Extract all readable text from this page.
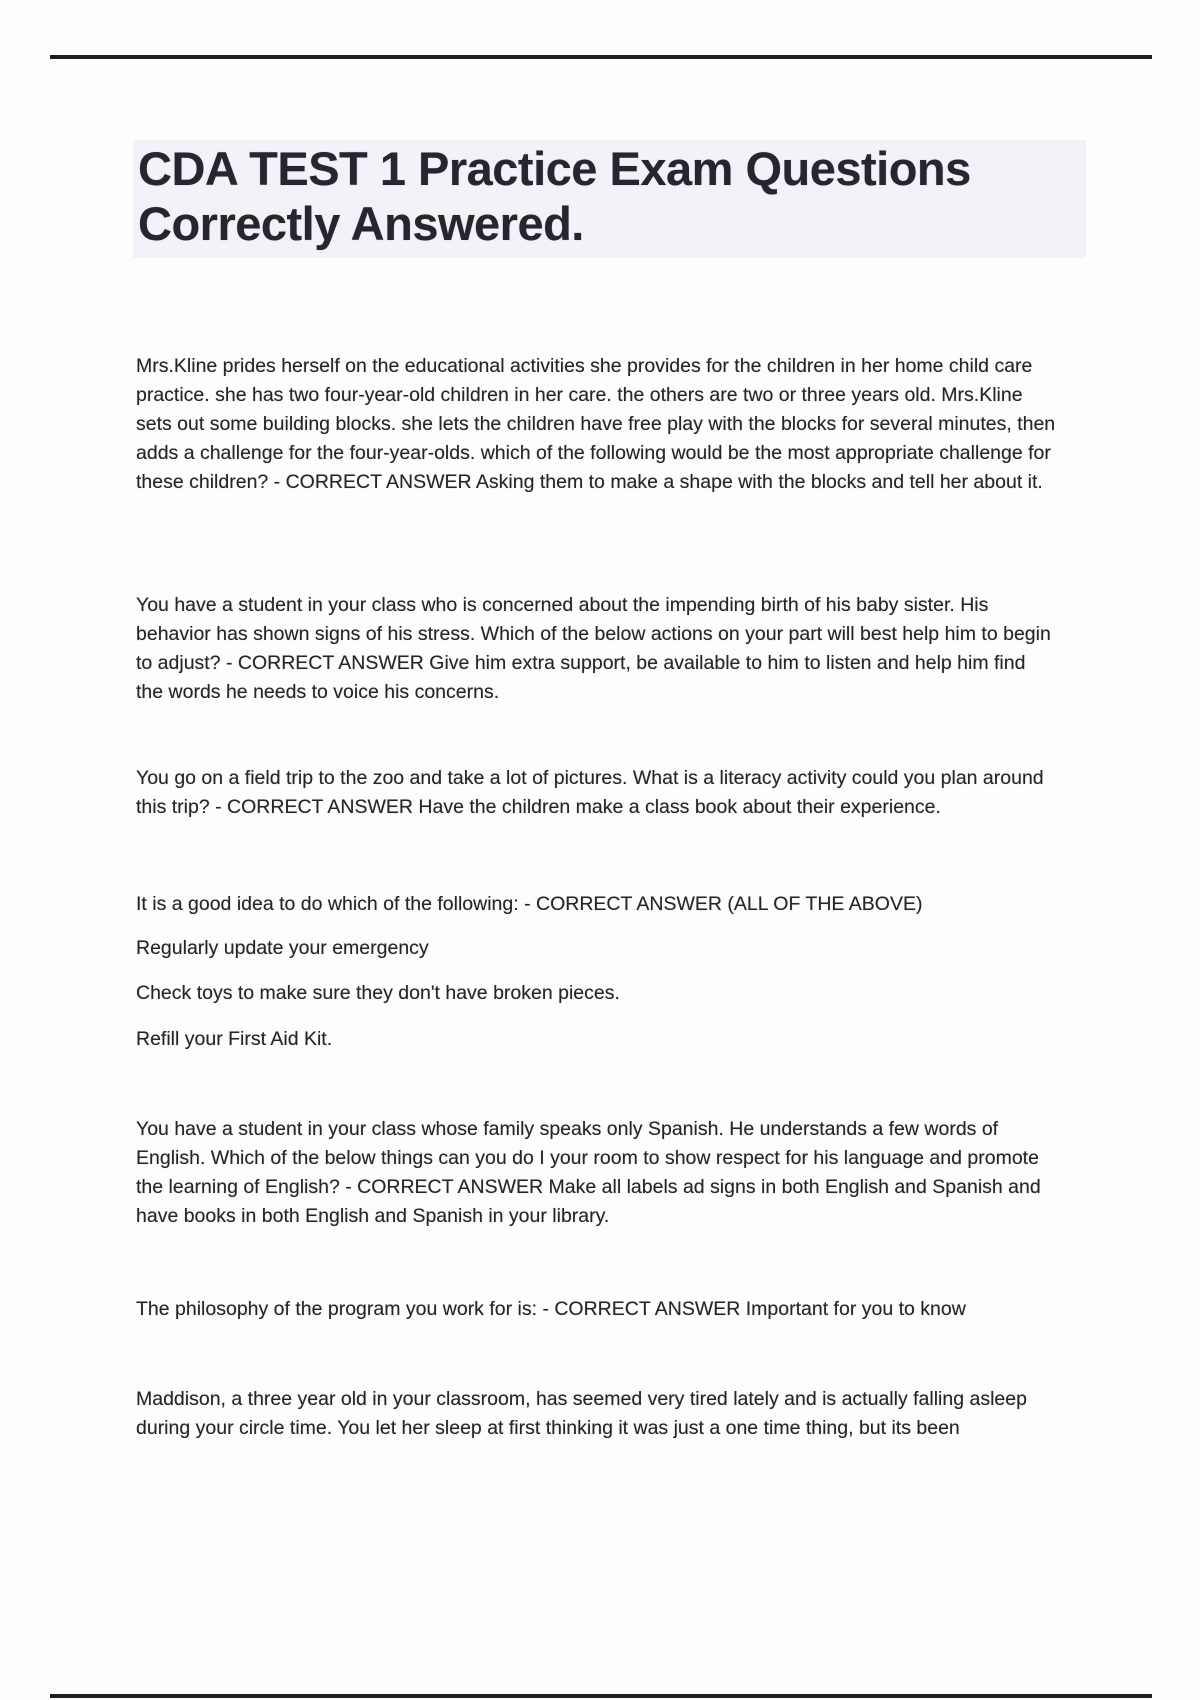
CDA TEST 1 Practice Exam Questions Correctly Answered.

Mrs.Kline prides herself on the educational activities she provides for the children in her home child care practice. she has two four-year-old children in her care. the others are two or three years old. Mrs.Kline sets out some building blocks. she lets the children have free play with the blocks for several minutes, then adds a challenge for the four-year-olds. which of the following would be the most appropriate challenge for these children? - CORRECT ANSWER Asking them to make a shape with the blocks and tell her about it.

You have a student in your class who is concerned about the impending birth of his baby sister. His behavior has shown signs of his stress. Which of the below actions on your part will best help him to begin to adjust? - CORRECT ANSWER Give him extra support, be available to him to listen and help him find the words he needs to voice his concerns.

You go on a field trip to the zoo and take a lot of pictures. What is a literacy activity could you plan around this trip? - CORRECT ANSWER Have the children make a class book about their experience.

It is a good idea to do which of the following: - CORRECT ANSWER (ALL OF THE ABOVE)

Regularly update your emergency

Check toys to make sure they don't have broken pieces.

Refill your First Aid Kit.

You have a student in your class whose family speaks only Spanish. He understands a few words of English. Which of the below things can you do I your room to show respect for his language and promote the learning of English? - CORRECT ANSWER Make all labels ad signs in both English and Spanish and have books in both English and Spanish in your library.

The philosophy of the program you work for is: - CORRECT ANSWER Important for you to know

Maddison, a three year old in your classroom, has seemed very tired lately and is actually falling asleep during your circle time. You let her sleep at first thinking it was just a one time thing, but its been
